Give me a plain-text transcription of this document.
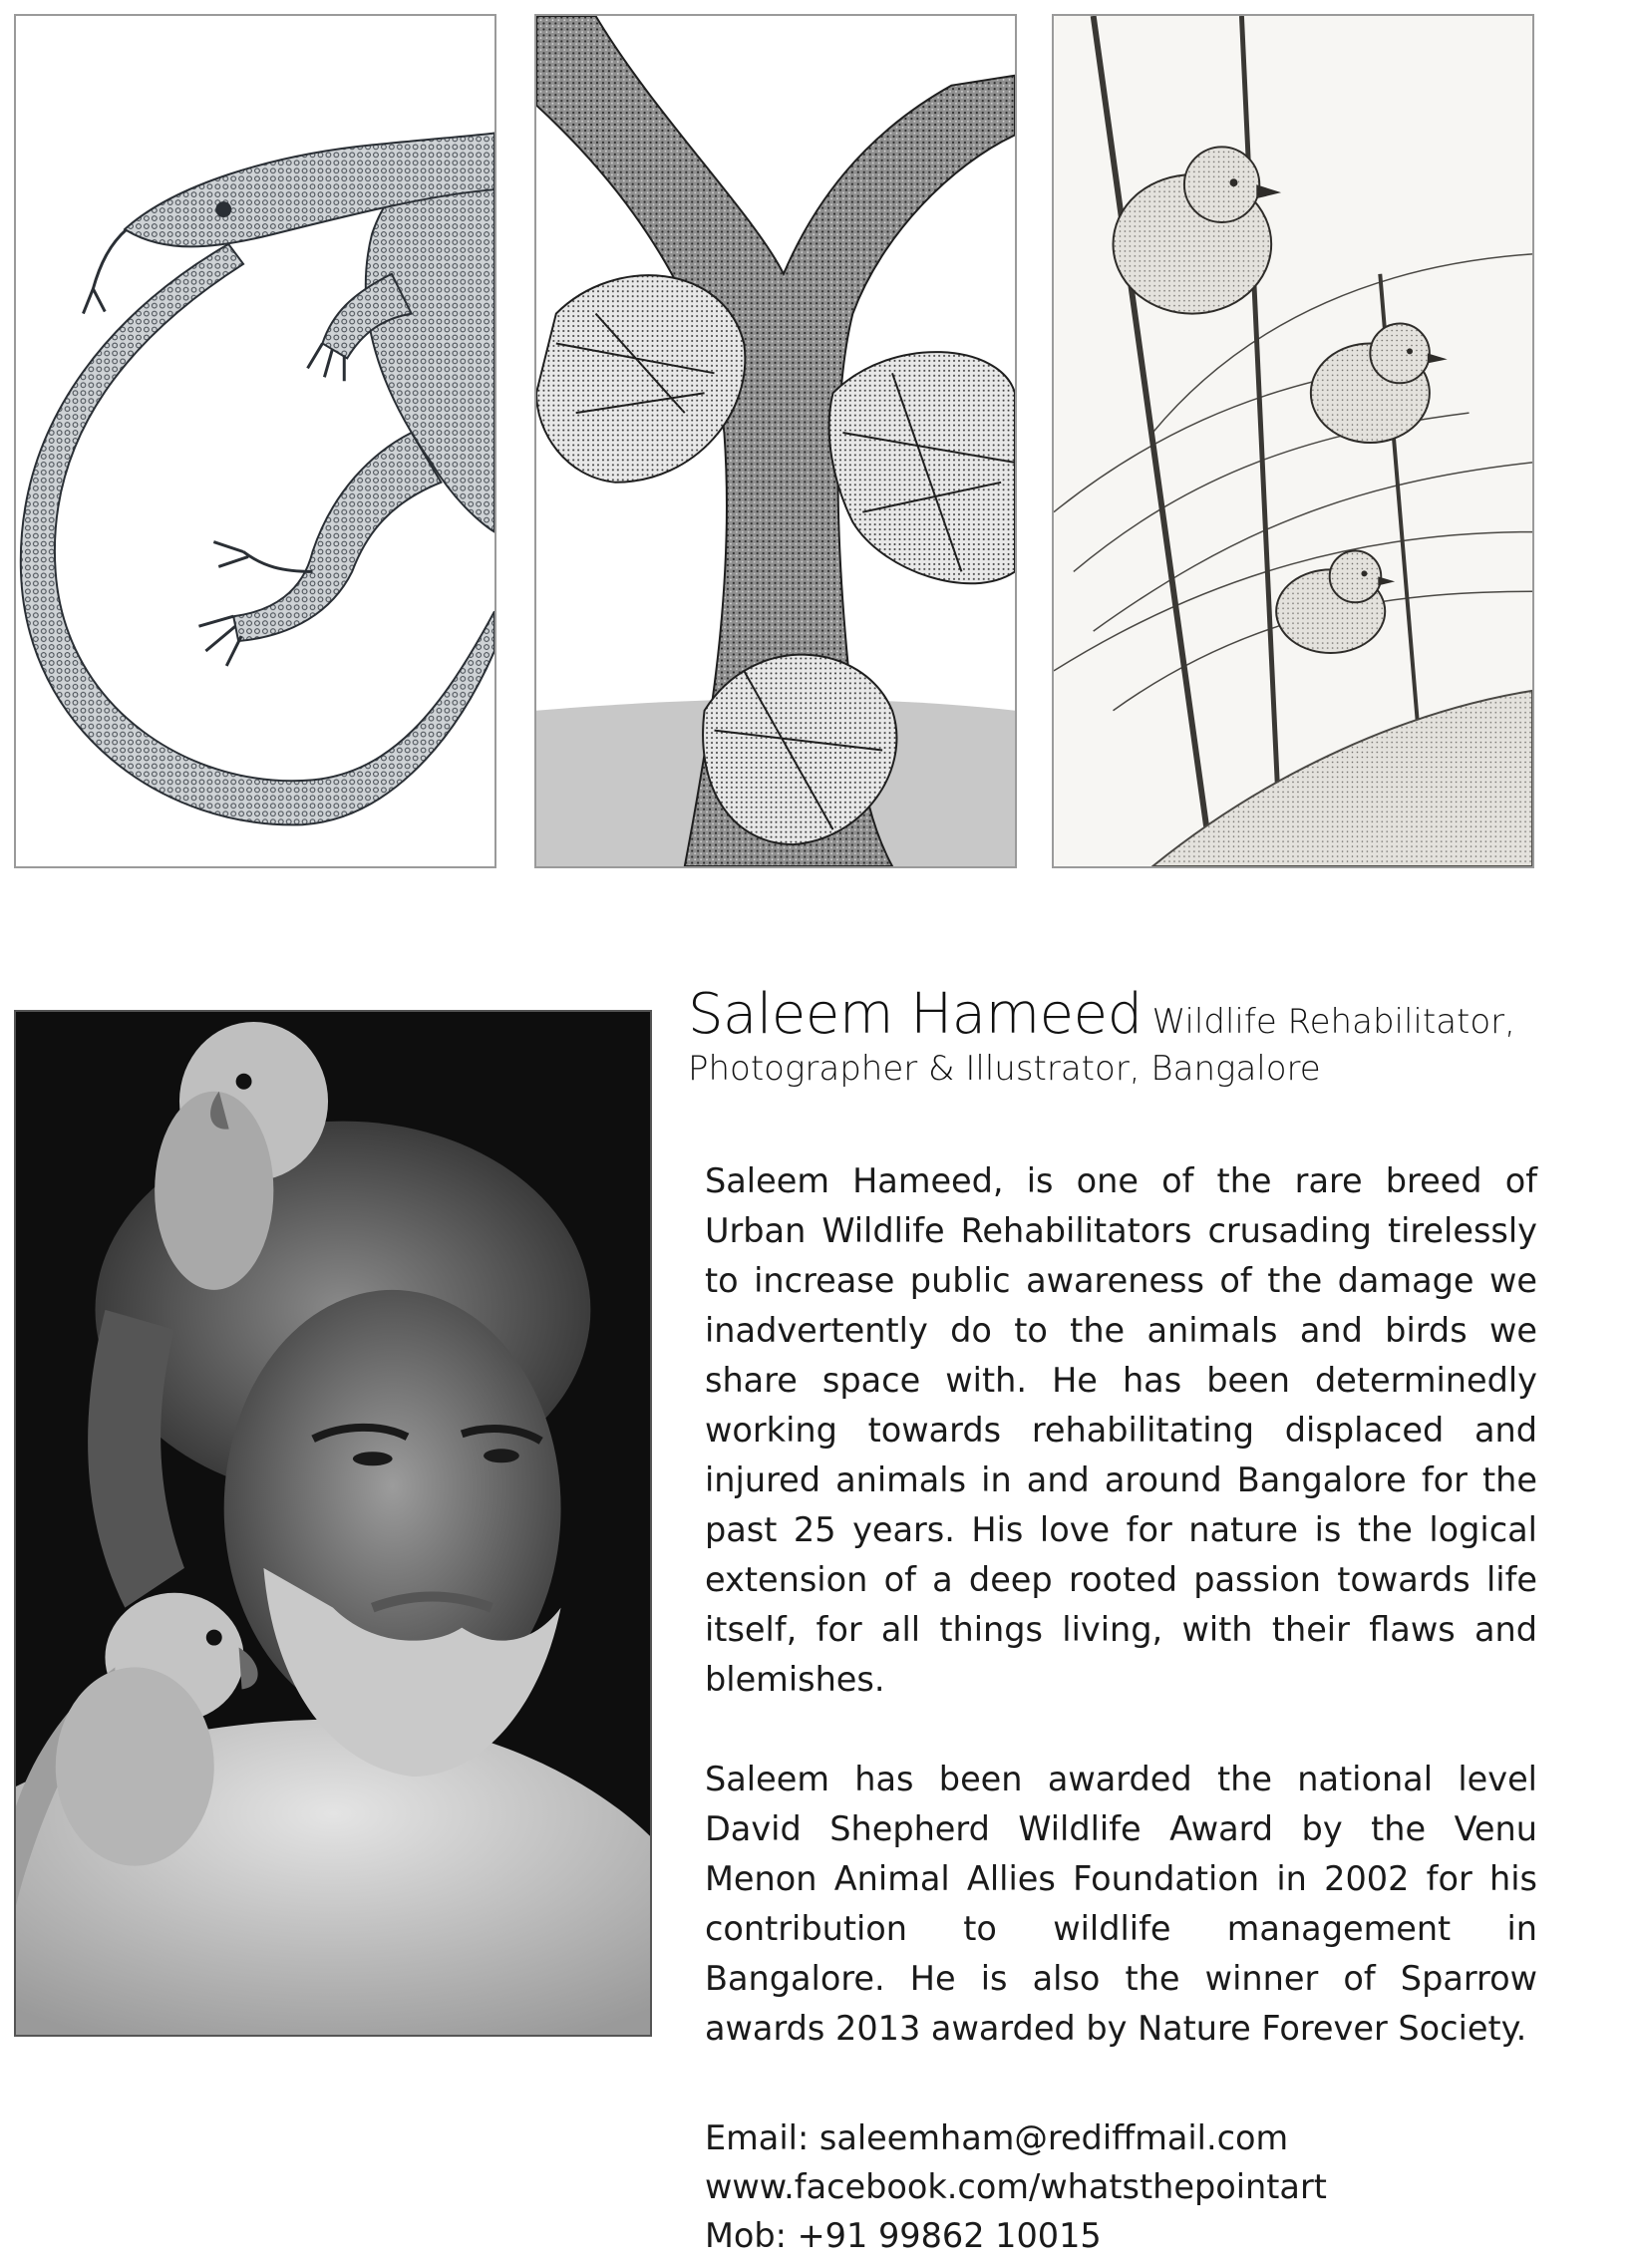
Saleem Hameed Wildlife Rehabilitator,
Photographer & Illustrator, Bangalore

Saleem Hameed, is one of the rare breed of Urban Wildlife Rehabilitators crusading tirelessly to increase public awareness of the damage we inadvertently do to the animals and birds we share space with. He has been determinedly working towards rehabilitating displaced and injured animals in and around Bangalore for the past 25 years. His love for nature is the logical extension of a deep rooted passion towards life itself, for all things living, with their flaws and blemishes.

Saleem has been awarded the national level David Shepherd Wildlife Award by the Venu Menon Animal Allies Foundation in 2002 for his contribution to wildlife management in Bangalore. He is also the winner of Sparrow awards 2013 awarded by Nature Forever Society.

Email: saleemham@rediffmail.com
www.facebook.com/whatsthepointart
Mob: +91 99862 10015
